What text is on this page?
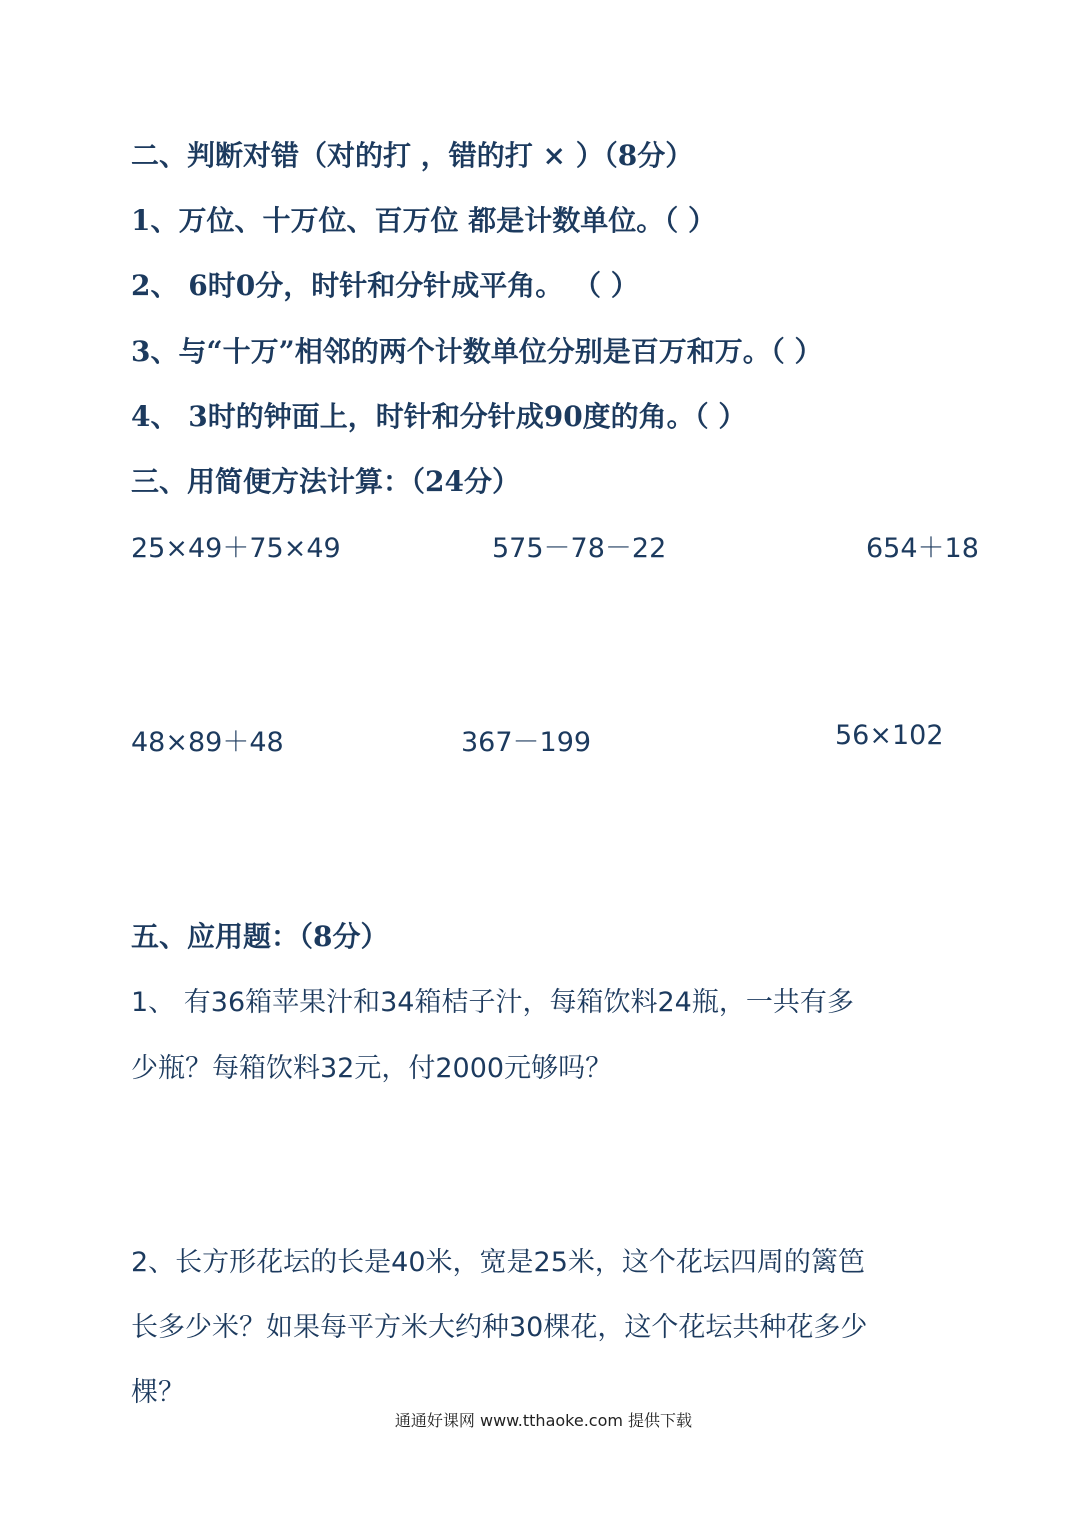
二、判断对错（对的打 ，错的打 × ）（8分）
1、万位、十万位、百万位 都是计数单位。（ ）
2、 6时0分，时针和分针成平角。 （ ）
3、与“十万”相邻的两个计数单位分别是百万和万。（ ）
4、 3时的钟面上，时针和分针成90度的角。（ ）
三、用简便方法计算：（24分）
25×49＋75×49	575－78－22	654＋18
48×89＋48	367－199	56×102
五、应用题：（8分）
1、 有36箱苹果汁和34箱桔子汁，每箱饮料24瓶，一共有多
少瓶？每箱饮料32元，付2000元够吗？
2、长方形花坛的长是40米，宽是25米，这个花坛四周的篱笆
长多少米？如果每平方米大约种30棵花，这个花坛共种花多少
棵？
通通好课网 www.tthaoke.com 提供下载
